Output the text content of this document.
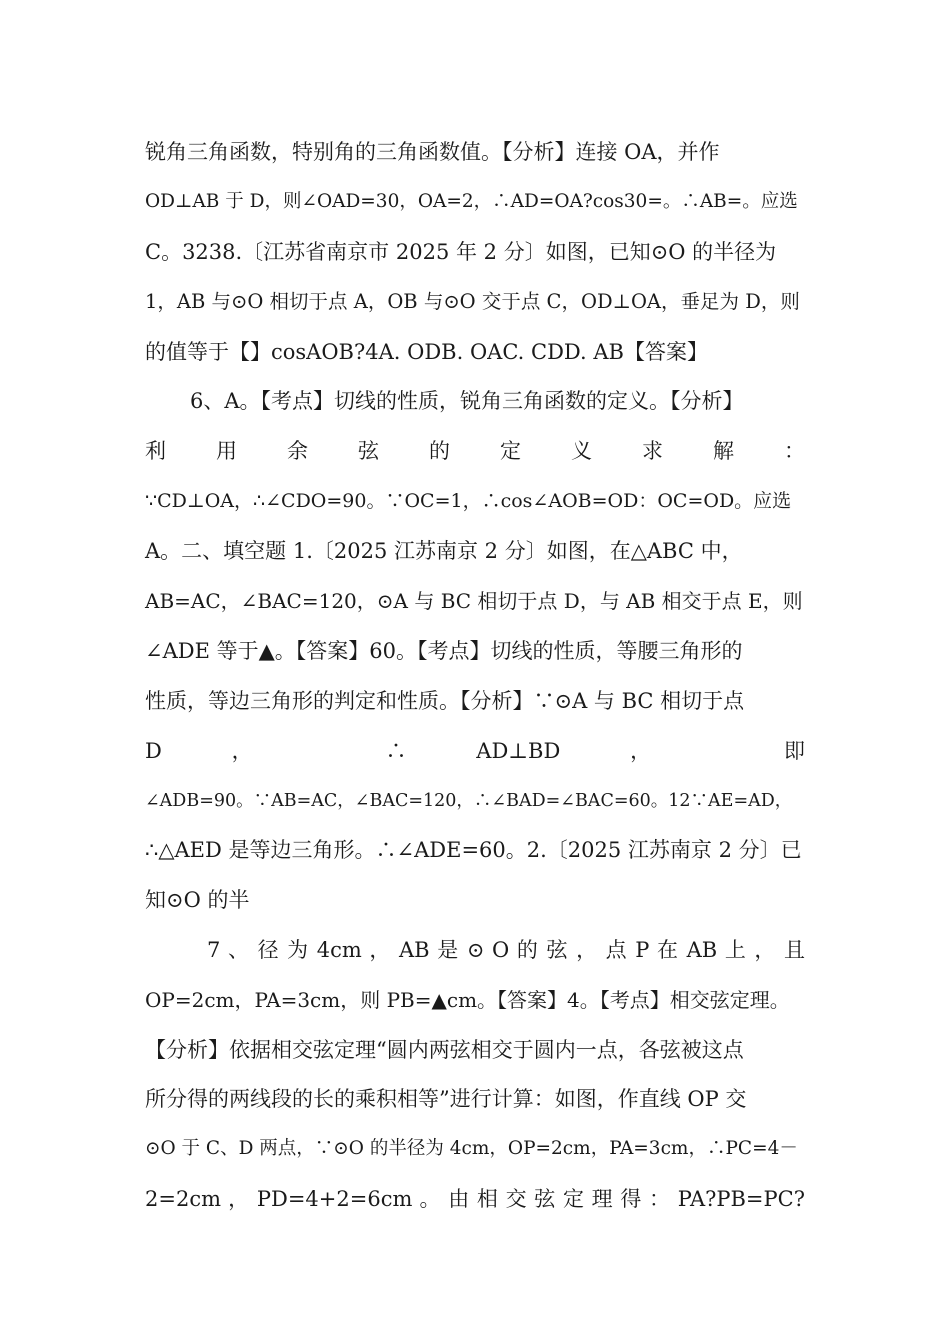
锐角三角函数，特别角的三角函数值。【分析】连接 OA，并作
OD⊥AB 于 D，则∠OAD=30，OA=2，∴AD=OA?cos30=。∴AB=。应选
C。3238.〔江苏省南京市 2025 年 2 分〕如图，已知⊙O 的半径为
1，AB 与⊙O 相切于点 A，OB 与⊙O 交于点 C，OD⊥OA，垂足为 D，则
的值等于【】cosAOB?4A. ODB. OAC. CDD. AB【答案】
6、A。【考点】切线的性质，锐角三角函数的定义。【分析】
利 用 余 弦 的 定 义 求 解 ：
∵CD⊥OA，∴∠CDO=90。∵OC=1，∴cos∠AOB=OD：OC=OD。应选
A。二、填空题 1.〔2025 江苏南京 2 分〕如图，在△ABC 中，
AB=AC，∠BAC=120，⊙A 与 BC 相切于点 D，与 AB 相交于点 E，则
∠ADE 等于▲。【答案】60。【考点】切线的性质，等腰三角形的
性质，等边三角形的判定和性质。【分析】∵⊙A 与 BC 相切于点
D ， ∴ AD⊥BD ， 即
∠ADB=90。∵AB=AC，∠BAC=120，∴∠BAD=∠BAC=60。12∵AE=AD，
∴△AED 是等边三角形。∴∠ADE=60。2.〔2025 江苏南京 2 分〕已
知⊙O 的半
7 、 径 为 4cm ， AB 是 ⊙ O 的 弦 ， 点 P 在 AB 上 ， 且
OP=2cm，PA=3cm，则 PB=▲cm。【答案】4。【考点】相交弦定理。
【分析】依据相交弦定理“圆内两弦相交于圆内一点，各弦被这点
所分得的两线段的长的乘积相等”进行计算：如图，作直线 OP 交
⊙O 于 C、D 两点，∵⊙O 的半径为 4cm，OP=2cm，PA=3cm，∴PC=4－
2=2cm ， PD=4+2=6cm 。 由 相 交 弦 定 理 得 ： PA?PB=PC?
